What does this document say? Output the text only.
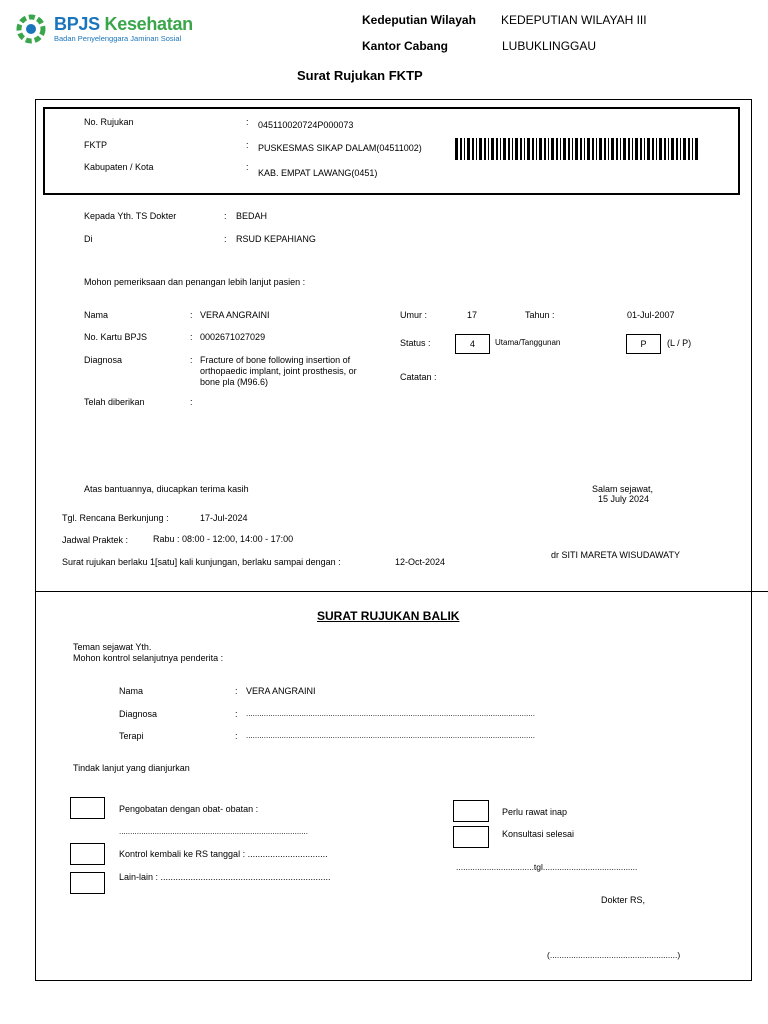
BPJS Kesehatan
Badan Penyelenggara Jaminan Sosial
Kedeputian Wilayah KEDEPUTIAN WILAYAH III
Kantor Cabang	LUBUKLINGGAU
Surat Rujukan FKTP
No. Rujukan	: 045110020724P000073
FKTP	: PUSKESMAS SIKAP DALAM(04511002)
Kabupaten / Kota	:
KAB. EMPAT LAWANG(0451)
Kepada Yth. TS Dokter	: BEDAH
Di	: RSUD KEPAHIANG
Mohon pemeriksaan dan penangan lebih lanjut pasien :
Nama	: VERA ANGRAINI
No. Kartu BPJS	: 0002671027029
Diagnosa	: Fracture of bone following insertion of
orthopaedic implant, joint prosthesis, or
bone pla (M96.6)
Telah diberikan	:
Umur :	17	Tahun :	01-Jul-2007
Status :	4	Utama/Tanggunan	P	(L / P)
Catatan :
Atas bantuannya, diucapkan terima kasih	Salam sejawat,
15 July 2024
Tgl. Rencana Berkunjung :	17-Jul-2024
Jadwal Praktek :	Rabu : 08:00 - 12:00, 14:00 - 17:00
Surat rujukan berlaku 1[satu] kali kunjungan, berlaku sampai dengan :	12-Oct-2024
dr SITI MARETA WISUDAWATY
SURAT RUJUKAN BALIK
Teman sejawat Yth.
Mohon kontrol selanjutnya penderita :
Nama	: VERA ANGRAINI
Diagnosa	: ..................................................................................................................................
Terapi	: ..................................................................................................................................
Tindak lanjut yang dianjurkan
Pengobatan dengan obat- obatan :
.....................................................................................
Kontrol kembali ke RS tanggal : ................................
Lain-lain : ....................................................................
Perlu rawat inap
Konsultasi selesai
.................................tgl........................................
Dokter RS,
(......................................................)
